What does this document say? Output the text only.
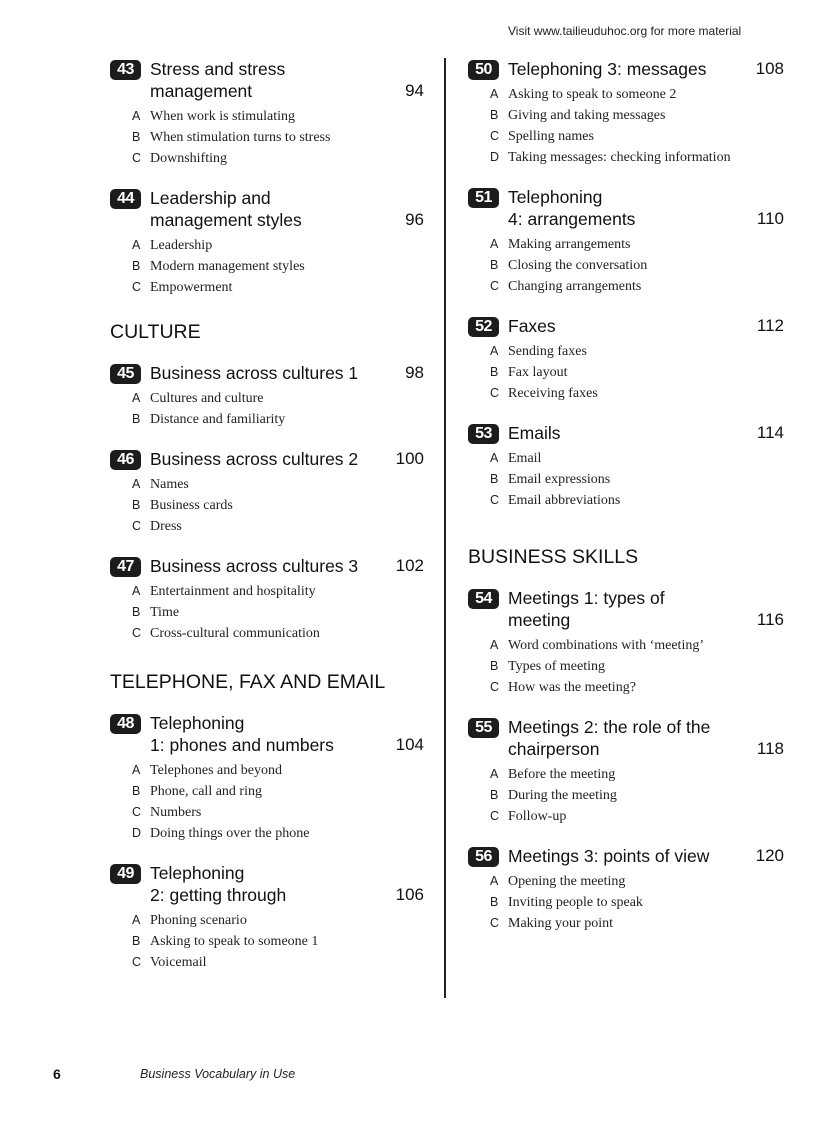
Visit www.tailieuduhoc.org for more material
43 Stress and stress
management	94
A When work is stimulating
B When stimulation turns to stress
C Downshifting
44 Leadership and
management styles	96
A Leadership
B Modern management styles
C Empowerment
CULTURE
45 Business across cultures 1	98
A Cultures and culture
B Distance and familiarity
46 Business across cultures 2	100
A Names
B Business cards
C Dress
47 Business across cultures 3	102
A Entertainment and hospitality
B Time
C Cross-cultural communication
TELEPHONE, FAX AND EMAIL
48 Telephoning
1: phones and numbers	104
A Telephones and beyond
B Phone, call and ring
C Numbers
D Doing things over the phone
49 Telephoning
2: getting through	106
A Phoning scenario
B Asking to speak to someone 1
C Voicemail
50 Telephoning 3: messages	108
A Asking to speak to someone 2
B Giving and taking messages
C Spelling names
D Taking messages: checking information
51 Telephoning
4: arrangements	110
A Making arrangements
B Closing the conversation
C Changing arrangements
52 Faxes	112
A Sending faxes
B Fax layout
C Receiving faxes
53 Emails	114
A Email
B Email expressions
C Email abbreviations
BUSINESS SKILLS
54 Meetings 1: types of
meeting	116
A Word combinations with ‘meeting’
B Types of meeting
C How was the meeting?
55 Meetings 2: the role of the
chairperson	118
A Before the meeting
B During the meeting
C Follow-up
56 Meetings 3: points of view	120
A Opening the meeting
B Inviting people to speak
C Making your point
6	Business Vocabulary in Use
